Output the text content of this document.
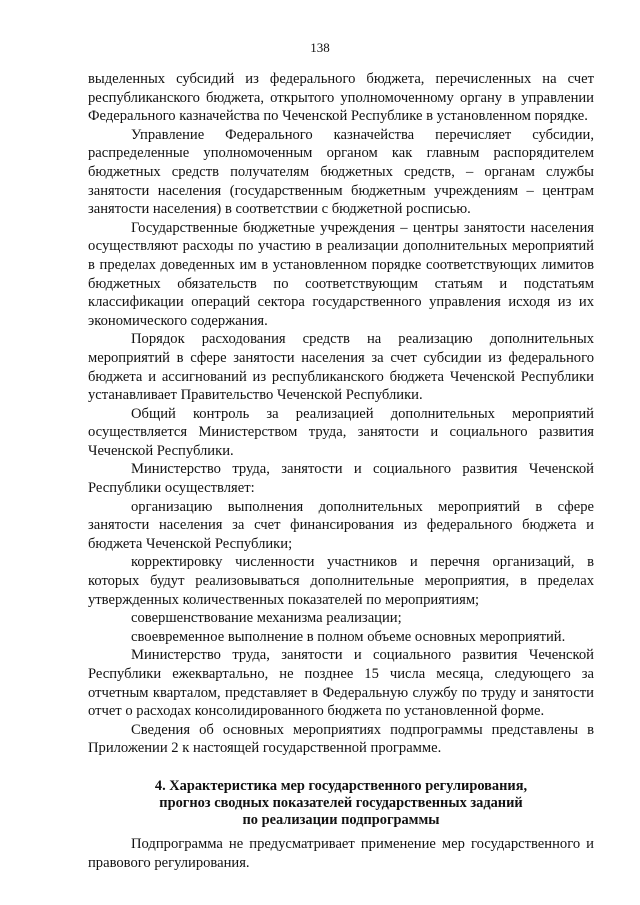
138

выделенных субсидий из федерального бюджета, перечисленных на счет республиканского бюджета, открытого уполномоченному органу в управлении Федерального казначейства по Чеченской Республике в установленном порядке.

Управление Федерального казначейства перечисляет субсидии, распределенные уполномоченным органом как главным распорядителем бюджетных средств получателям бюджетных средств, – органам службы занятости населения (государственным бюджетным учреждениям – центрам занятости населения) в соответствии с бюджетной росписью.

Государственные бюджетные учреждения – центры занятости населения осуществляют расходы по участию в реализации дополнительных мероприятий в пределах доведенных им в установленном порядке соответствующих лимитов бюджетных обязательств по соответствующим статьям и подстатьям классификации операций сектора государственного управления исходя из их экономического содержания.

Порядок расходования средств на реализацию дополнительных мероприятий в сфере занятости населения за счет субсидии из федерального бюджета и ассигнований из республиканского бюджета Чеченской Республики устанавливает Правительство Чеченской Республики.

Общий контроль за реализацией дополнительных мероприятий осуществляется Министерством труда, занятости и социального развития Чеченской Республики.

Министерство труда, занятости и социального развития Чеченской Республики осуществляет:

организацию выполнения дополнительных мероприятий в сфере занятости населения за счет финансирования из федерального бюджета и бюджета Чеченской Республики;

корректировку численности участников и перечня организаций, в которых будут реализовываться дополнительные мероприятия, в пределах утвержденных количественных показателей по мероприятиям;

совершенствование механизма реализации;

своевременное выполнение в полном объеме основных мероприятий.

Министерство труда, занятости и социального развития Чеченской Республики ежеквартально, не позднее 15 числа месяца, следующего за отчетным кварталом, представляет в Федеральную службу по труду и занятости отчет о расходах консолидированного бюджета по установленной форме.

Сведения об основных мероприятиях подпрограммы представлены в Приложении 2 к настоящей государственной программе.

4. Характеристика мер государственного регулирования,
прогноз сводных показателей государственных заданий
по реализации подпрограммы

Подпрограмма не предусматривает применение мер государственного и правового регулирования.
